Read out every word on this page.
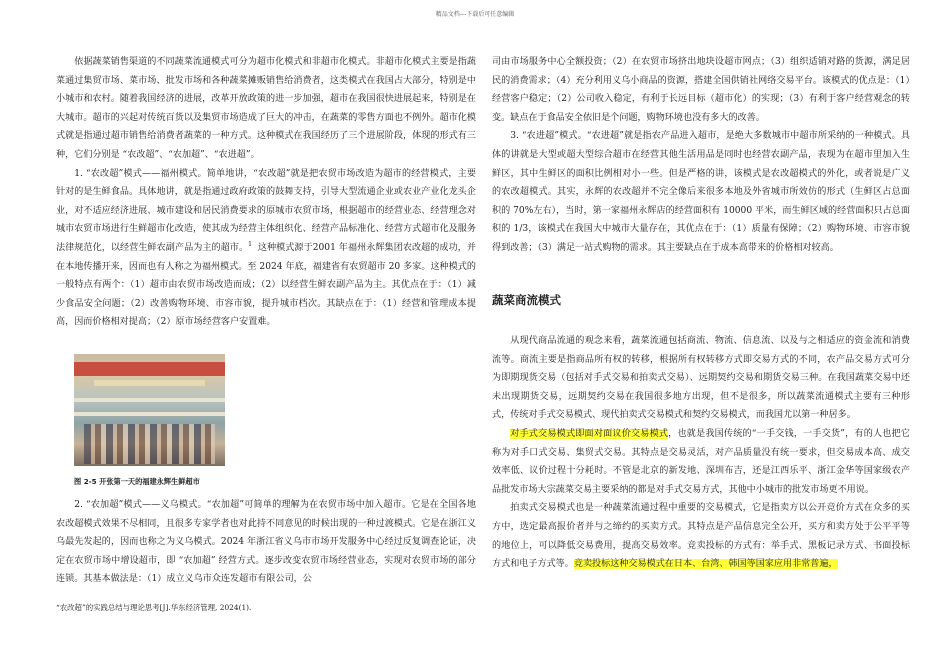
精品文档---下载后可任意编辑

依据蔬菜销售渠道的不同蔬菜流通模式可分为超市化模式和非超市化模式。非超市化模式主要是指蔬菜通过集贸市场、菜市场、批发市场和各种蔬菜摊贩销售给消费者，这类模式在我国占大部分，特别是中小城市和农村。随着我国经济的进展，改革开放政策的进一步加强，超市在我国很快进展起来，特别是在大城市。超市的兴起对传统百货以及集贸市场造成了巨大的冲击，在蔬菜的零售方面也不例外。超市化模式就是指通过超市销售给消费者蔬菜的一种方式。这种模式在我国经历了三个进展阶段，体现的形式有三种，它们分别是 “农改超”、“农加超”、“农进超”。

1. “农改超”模式——福州模式。简单地讲，“农改超”就是把农贸市场改造为超市的经营模式，主要针对的是生鲜食品。具体地讲，就是指通过政府政策的鼓舞支持，引导大型流通企业或农业产业化龙头企业，对不适应经济进展、城市建设和居民消费要求的原城市农贸市场，根据超市的经营业态、经营理念对城市农贸市场进行生鲜超市化改造，使其成为经营主体组织化、经营产品标准化、经营方式超市化及服务法律规范化，以经营生鲜农副产品为主的超市。$^1$ 这种模式源于2001 年福州永辉集团农改超的成功，并在本地传播开来，因而也有人称之为福州模式。至 2024 年底，福建省有农贸超市 20 多家。这种模式的一般特点有两个：（1）超市由农贸市场改造而成；（2）以经营生鲜农副产品为主。其优点在于：（1）减少食品安全问题；（2）改善购物环境、市容市貌，提升城市档次。其缺点在于：（1）经营和管理成本提高，因而价格相对提高；（2）原市场经营客户安置难。

图 2-5 开张第一天的福建永辉生鲜超市

2. “农加超”模式——义乌模式。“农加超”可简单的理解为在农贸市场中加入超市。它是在全国各地农改超模式效果不尽相同，且很多专家学者也对此持不同意见的时候出现的一种过渡模式。它是在浙江义乌最先发起的，因而也称之为义乌模式。2024 年浙江省义乌市市场开发服务中心经过反复调查论证，决定在农贸市场中增设超市，即 “农加超” 经营方式。逐步改变农贸市场经营业态，实现对农贸市场的部分连锁。其基本做法是：（1）成立义乌市众连发超市有限公司，公

“农改超”的实践总结与理论思考[J].华东经济管理, 2024(1).

司由市场服务中心全额投资；（2）在农贸市场挤出地块设超市网点；（3）组织适销对路的货源，满足居民的消费需求；（4）充分利用义乌小商品的资源，搭建全国供销社网络交易平台。该模式的优点是：（1）经营客户稳定；（2）公司收入稳定，有利于长远目标（超市化）的实现；（3）有利于客户经营观念的转变。缺点在于食品安全依旧是个问题，购物环境也没有多大的改善。

3. “农进超”模式。“农进超”就是指农产品进入超市，是绝大多数城市中超市所采纳的一种模式。具体的讲就是大型或超大型综合超市在经营其他生活用品是同时也经营农副产品，表现为在超市里加入生鲜区，其中生鲜区的面积比例相对小一些。但是严格的讲，该模式是农改超模式的外化，或者说是广义的农改超模式。其实，永辉的农改超并不完全像后来很多本地及外省城市所效仿的形式（生鲜区占总面积的 70%左右），当时，第一家福州永辉店的经营面积有 10000 平米，而生鲜区域的经营面积只占总面积的 1/3，该模式在我国大中城市大量存在，其优点在于：（1）质量有保障；（2）购物环境、市容市貌得到改善；（3）满足一站式购物的需求。其主要缺点在于成本高带来的价格相对较高。

蔬菜商流模式

从现代商品流通的观念来看，蔬菜流通包括商流、物流、信息流、以及与之相适应的资金流和消费流等。商流主要是指商品所有权的转移，根据所有权转移方式即交易方式的不同，农产品交易方式可分为即期现货交易（包括对手式交易和拍卖式交易）、远期契约交易和期货交易三种。在我国蔬菜交易中还未出现期货交易，远期契约交易在我国很多地方出现，但不是很多，所以蔬菜流通模式主要有三种形式，传统对手式交易模式、现代拍卖式交易模式和契约交易模式，而我国尤以第一种居多。

对手式交易模式即面对面议价交易模式，也就是我国传统的“一手交钱，一手交货”，有的人也把它称为对手口式交易、集贸式交易。其特点是交易灵活，对产品质量没有统一要求，但交易成本高、成交效率低、议价过程十分耗时。不管是北京的新发地、深圳布吉，还是江西乐平、浙江金华等国家级农产品批发市场大宗蔬菜交易主要采纳的都是对手式交易方式，其他中小城市的批发市场更不用说。

拍卖式交易模式也是一种蔬菜流通过程中重要的交易模式，它是指卖方以公开竞价方式在众多的买方中，选定最高报价者并与之缔约的买卖方式。其特点是产品信息完全公开，买方和卖方处于公平平等的地位上，可以降低交易费用，提高交易效率。竞卖投标的方式有：举手式、黑板记录方式、书面投标方式和电子方式等。竞卖投标这种交易模式在日本、台湾、韩国等国家应用非常普遍，
